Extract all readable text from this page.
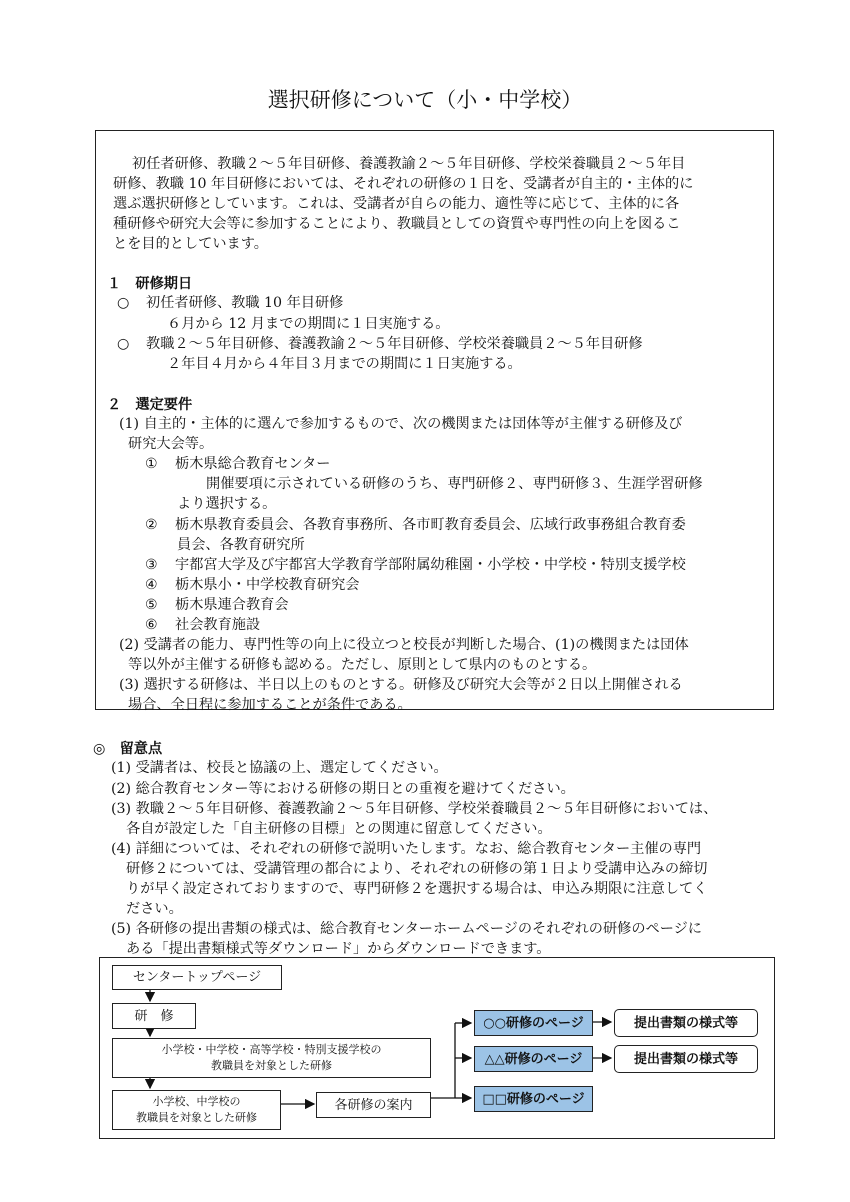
選択研修について（小・中学校）
初任者研修、教職２～５年目研修、養護教諭２～５年目研修、学校栄養職員２～５年目
研修、教職 10 年目研修においては、それぞれの研修の１日を、受講者が自主的・主体的に
選ぶ選択研修としています。これは、受講者が自らの能力、適性等に応じて、主体的に各
種研修や研究大会等に参加することにより、教職員としての資質や専門性の向上を図るこ
とを目的としています。
１　研修期日
○ 初任者研修、教職 10 年目研修
６月から 12 月までの期間に１日実施する。
○ 教職２～５年目研修、養護教諭２～５年目研修、学校栄養職員２～５年目研修
２年目４月から４年目３月までの期間に１日実施する。
２　選定要件
(1) 自主的・主体的に選んで参加するもので、次の機関または団体等が主催する研修及び
研究大会等。
① 栃木県総合教育センター
開催要項に示されている研修のうち、専門研修２、専門研修３、生涯学習研修
より選択する。
② 栃木県教育委員会、各教育事務所、各市町教育委員会、広域行政事務組合教育委
員会、各教育研究所
③ 宇都宮大学及び宇都宮大学教育学部附属幼稚園・小学校・中学校・特別支援学校
④ 栃木県小・中学校教育研究会
⑤ 栃木県連合教育会
⑥ 社会教育施設
(2) 受講者の能力、専門性等の向上に役立つと校長が判断した場合、(1)の機関または団体
等以外が主催する研修も認める。ただし、原則として県内のものとする。
(3) 選択する研修は、半日以上のものとする。研修及び研究大会等が２日以上開催される
場合、全日程に参加することが条件である。
◎　留意点
(1) 受講者は、校長と協議の上、選定してください。
(2) 総合教育センター等における研修の期日との重複を避けてください。
(3) 教職２～５年目研修、養護教諭２～５年目研修、学校栄養職員２～５年目研修においては、
各自が設定した「自主研修の目標」との関連に留意してください。
(4) 詳細については、それぞれの研修で説明いたします。なお、総合教育センター主催の専門
研修２については、受講管理の都合により、それぞれの研修の第１日より受講申込みの締切
りが早く設定されておりますので、専門研修２を選択する場合は、申込み期限に注意してく
ださい。
(5) 各研修の提出書類の様式は、総合教育センターホームページのそれぞれの研修のページに
ある「提出書類様式等ダウンロード」からダウンロードできます。
センタートップページ
研　修
小学校・中学校・高等学校・特別支援学校の
教職員を対象とした研修
小学校、中学校の
教職員を対象とした研修
各研修の案内
○○研修のページ
△△研修のページ
□□研修のページ
提出書類の様式等
提出書類の様式等
